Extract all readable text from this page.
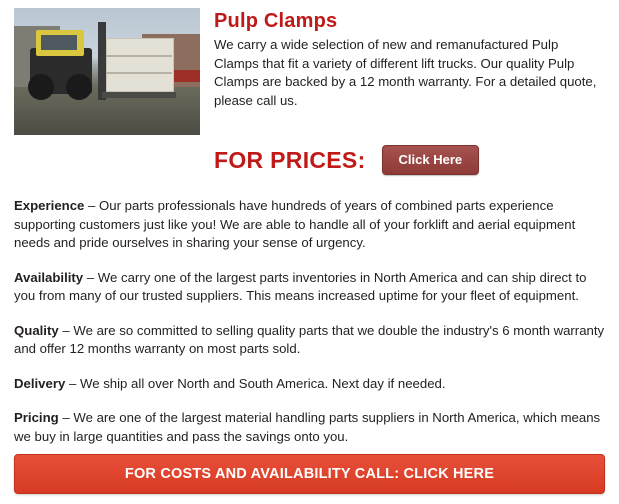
Pulp Clamps
We carry a wide selection of new and remanufactured Pulp Clamps that fit a variety of different lift trucks. Our quality Pulp Clamps are backed by a 12 month warranty. For a detailed quote, please call us.
FOR PRICES:	Click Here

Experience – Our parts professionals have hundreds of years of combined parts experience supporting customers just like you! We are able to handle all of your forklift and aerial equipment needs and pride ourselves in sharing your sense of urgency.

Availability – We carry one of the largest parts inventories in North America and can ship direct to you from many of our trusted suppliers. This means increased uptime for your fleet of equipment.

Quality – We are so committed to selling quality parts that we double the industry's 6 month warranty and offer 12 months warranty on most parts sold.

Delivery – We ship all over North and South America. Next day if needed.

Pricing – We are one of the largest material handling parts suppliers in North America, which means we buy in large quantities and pass the savings onto you.

FOR COSTS AND AVAILABILITY CALL: CLICK HERE
